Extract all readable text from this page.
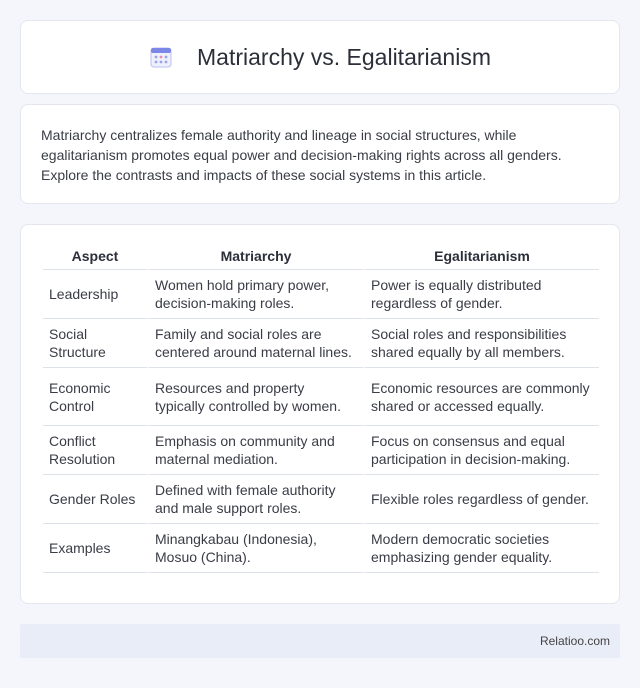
Matriarchy vs. Egalitarianism

Matriarchy centralizes female authority and lineage in social structures, while egalitarianism promotes equal power and decision-making rights across all genders. Explore the contrasts and impacts of these social systems in this article.

Aspect	Matriarchy	Egalitarianism
Leadership	Women hold primary power, decision-making roles.	Power is equally distributed regardless of gender.
Social Structure	Family and social roles are centered around maternal lines.	Social roles and responsibilities shared equally by all members.
Economic Control	Resources and property typically controlled by women.	Economic resources are commonly shared or accessed equally.
Conflict Resolution	Emphasis on community and maternal mediation.	Focus on consensus and equal participation in decision-making.
Gender Roles	Defined with female authority and male support roles.	Flexible roles regardless of gender.
Examples	Minangkabau (Indonesia), Mosuo (China).	Modern democratic societies emphasizing gender equality.
Relatioo.com
